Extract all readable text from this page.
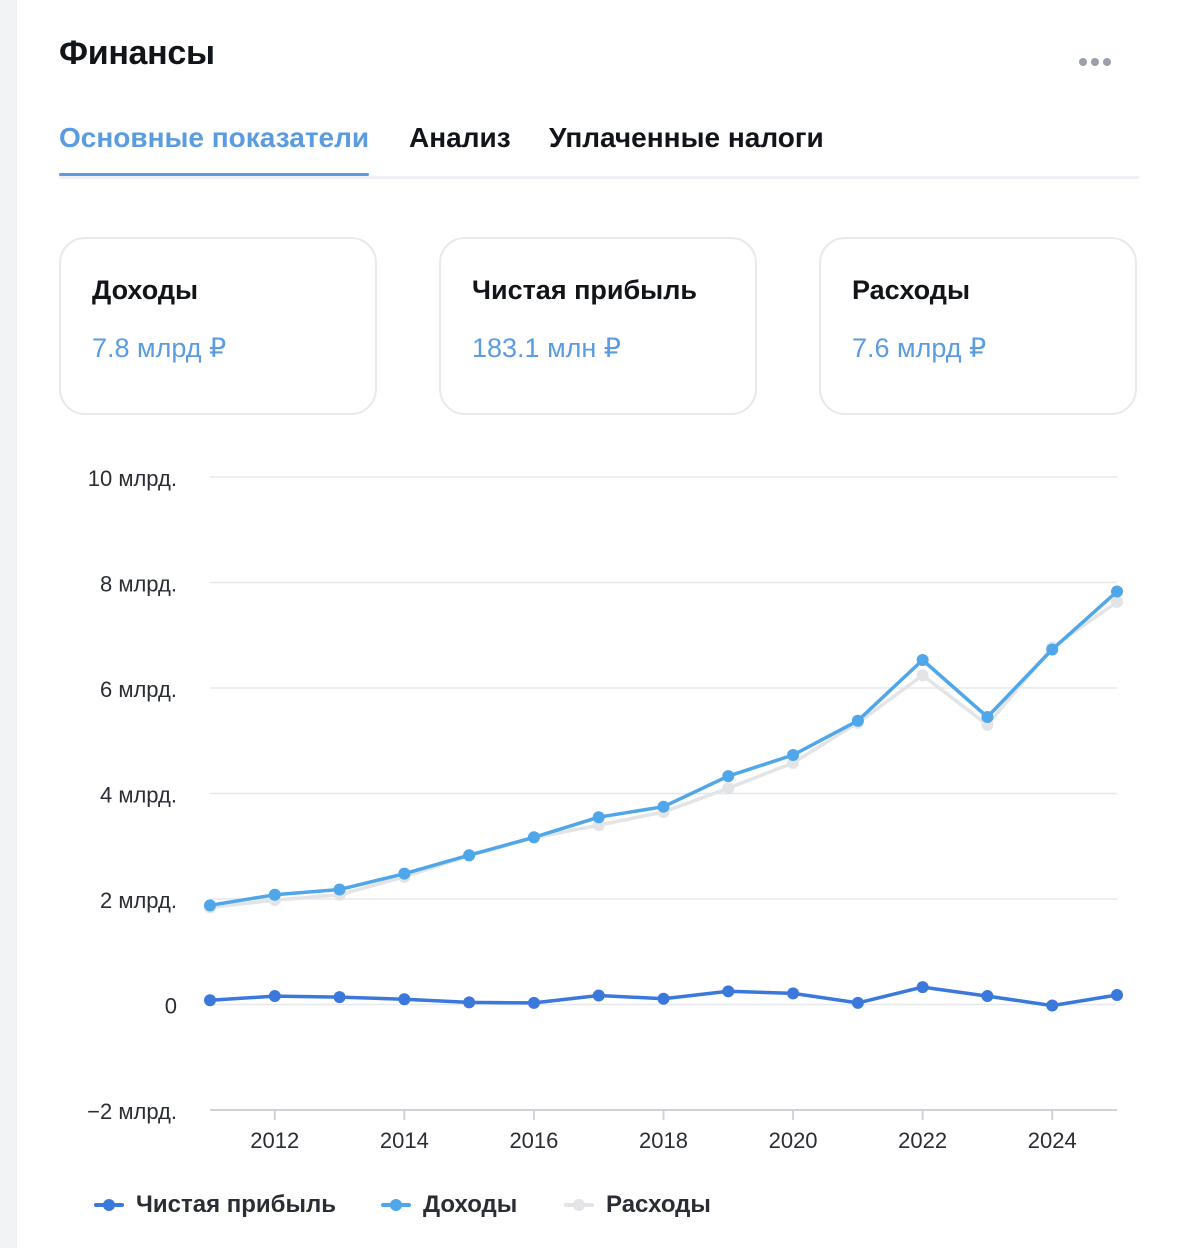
Финансы
Основные показатели Анализ Уплаченные налоги
Доходы
7.8 млрд ₽
Чистая прибыль
183.1 млн ₽
Расходы
7.6 млрд ₽
−2 млрд.
0
2 млрд.
4 млрд.
6 млрд.
8 млрд.
10 млрд.
2012	2014	2016	2018	2020	2022	2024
Чистая прибыль	Доходы	Расходы
